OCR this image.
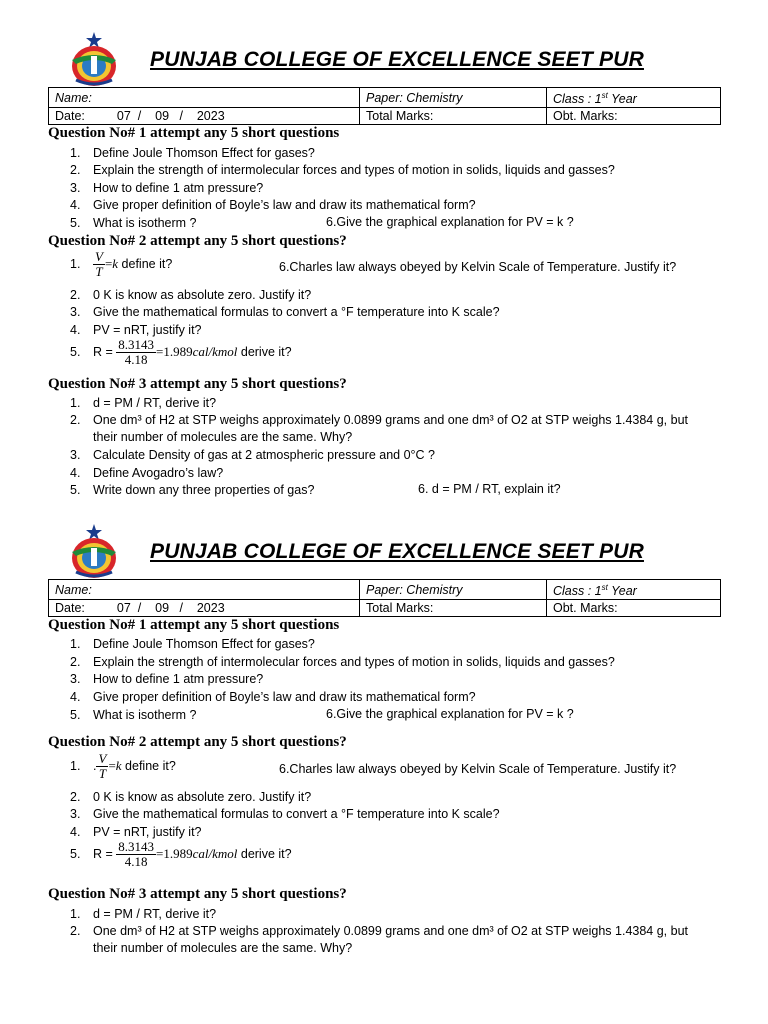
PUNJAB COLLEGE OF EXCELLENCE SEET PUR
Name:	Paper: Chemistry	Class : 1st Year
Date: 07 / 09 / 2023	Total Marks:	Obt. Marks:
Question No# 1 attempt any 5 short questions
1. Define Joule Thomson Effect for gases?
2. Explain the strength of intermolecular forces and types of motion in solids, liquids and gasses?
3. How to define 1 atm pressure?
4. Give proper definition of Boyle’s law and draw its mathematical form?
5. What is isotherm ?	6.Give the graphical explanation for PV = k ?
Question No# 2 attempt any 5 short questions?
1. $\frac{V}{T} =k$ define it?	6.Charles law always obeyed by Kelvin Scale of Temperature. Justify it?
2. 0 K is know as absolute zero. Justify it?
3. Give the mathematical formulas to convert a °F temperature into K scale?
4. PV = nRT, justify it?
5. $R = \frac{8.3143}{4.18}$ =1.989cal/kmol derive it?
Question No# 3 attempt any 5 short questions?
1. d = PM / RT, derive it?
2. One dm³ of H2 at STP weighs approximately 0.0899 grams and one dm³ of O2 at STP weighs 1.4384 g, but
their number of molecules are the same. Why?
3. Calculate Density of gas at 2 atmospheric pressure and 0°C ?
4. Define Avogadro’s law?
5. Write down any three properties of gas?	6. d = PM / RT, explain it?
PUNJAB COLLEGE OF EXCELLENCE SEET PUR
Name:	Paper: Chemistry	Class : 1st Year
Date: 07 / 09 / 2023	Total Marks:	Obt. Marks:
Question No# 1 attempt any 5 short questions
1. Define Joule Thomson Effect for gases?
2. Explain the strength of intermolecular forces and types of motion in solids, liquids and gasses?
3. How to define 1 atm pressure?
4. Give proper definition of Boyle’s law and draw its mathematical form?
5. What is isotherm ?	6.Give the graphical explanation for PV = k ?
Question No# 2 attempt any 5 short questions?
1. . $\frac{V}{T} =k$ define it?	6.Charles law always obeyed by Kelvin Scale of Temperature. Justify it?
2. 0 K is know as absolute zero. Justify it?
3. Give the mathematical formulas to convert a °F temperature into K scale?
4. PV = nRT, justify it?
5. $R = \frac{8.3143}{4.18}$ =1.989cal/kmol derive it?
Question No# 3 attempt any 5 short questions?
1. d = PM / RT, derive it?
2. One dm³ of H2 at STP weighs approximately 0.0899 grams and one dm³ of O2 at STP weighs 1.4384 g, but
their number of molecules are the same. Why?
